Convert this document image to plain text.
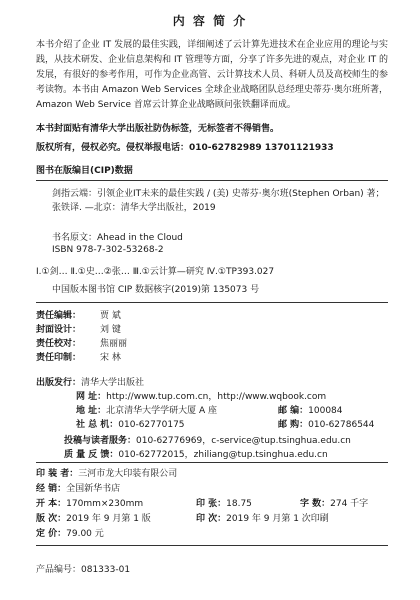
内 容 简 介
本书介绍了企业 IT 发展的最佳实践，详细阐述了云计算先进技术在企业应用的理论与实践，从技术研发、企业信息架构和 IT 管理等方面，分享了许多先进的观点，对企业 IT 的发展，有很好的参考作用，可作为企业高管、云计算技术人员、科研人员及高校师生的参考读物。本书由 Amazon Web Services 全球企业战略团队总经理史蒂芬·奥尔班所著，Amazon Web Service 首席云计算企业战略顾问张铁翻译而成。
本书封面贴有清华大学出版社防伪标签，无标签者不得销售。
版权所有，侵权必究。侵权举报电话：010-62782989 13701121933
图书在版编目(CIP)数据
剑指云端：引领企业IT未来的最佳实践 / (美) 史蒂芬·奥尔班(Stephen Orban) 著；张铁译. —北京：清华大学出版社，2019
书名原文：Ahead in the Cloud
ISBN 978-7-302-53268-2
Ⅰ.①剑… Ⅱ.①史…②张… Ⅲ.①云计算—研究 Ⅳ.①TP393.027
中国版本图书馆 CIP 数据核字(2019)第 135073 号
责任编辑： 贾 斌
封面设计： 刘 键
责任校对： 焦丽丽
责任印制： 宋 林
出版发行：清华大学出版社
网 址：http://www.tup.com.cn，http://www.wqbook.com
地 址：北京清华大学学研大厦 A 座	邮 编：100084
社 总 机：010-62770175	邮 购：010-62786544
投稿与读者服务：010-62776969，c-service@tup.tsinghua.edu.cn
质 量 反 馈：010-62772015，zhiliang@tup.tsinghua.edu.cn
印 装 者：三河市龙大印装有限公司
经 销：全国新华书店
开 本：170mm×230mm	印 张：18.75	字 数：274 千字
版 次：2019 年 9 月第 1 版	印 次：2019 年 9 月第 1 次印刷
定 价：79.00 元
产品编号：081333-01
